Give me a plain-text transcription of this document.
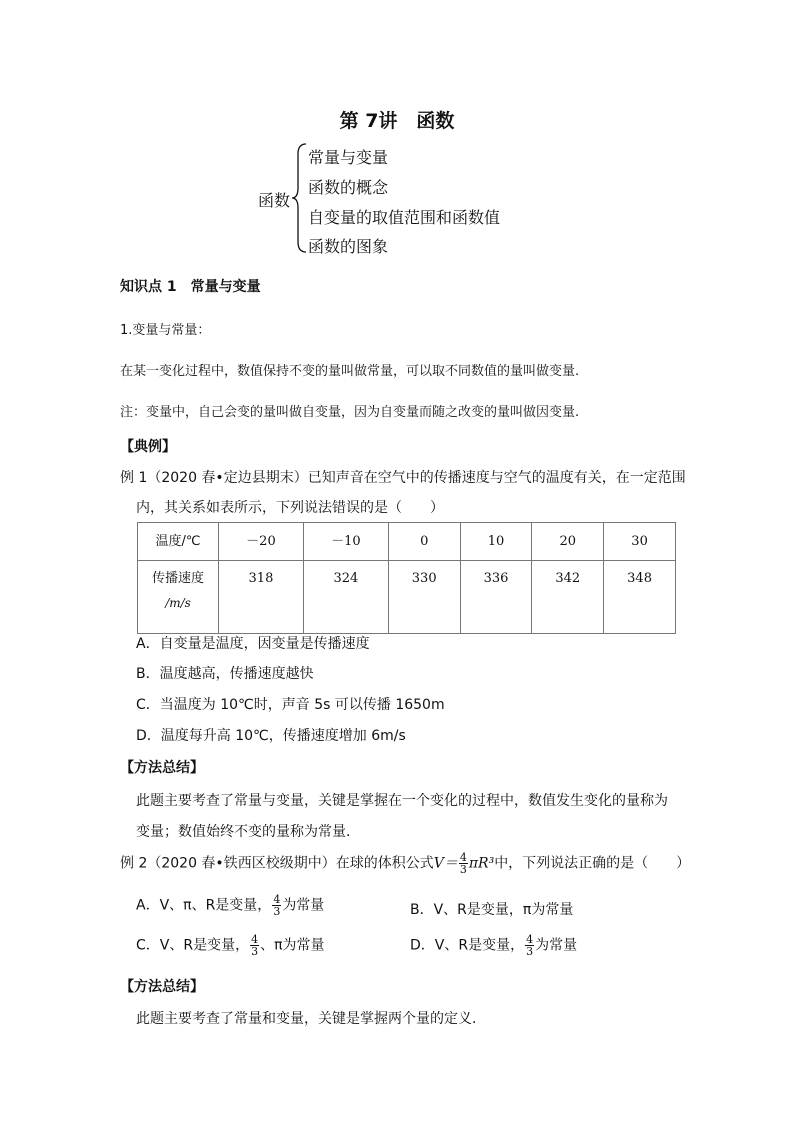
第 7讲　函数
函数
常量与变量
函数的概念
自变量的取值范围和函数值
函数的图象
知识点 1　常量与变量
1.变量与常量：
在某一变化过程中，数值保持不变的量叫做常量，可以取不同数值的量叫做变量.
注：变量中，自己会变的量叫做自变量，因为自变量而随之改变的量叫做因变量.
【典例】
例 1（2020 春•定边县期末）已知声音在空气中的传播速度与空气的温度有关，在一定范围
内，其关系如表所示，下列说法错误的是（　　）
温度/℃	－20	－10	0	10	20	30

传播速度
/m/s	318	324	330	336	342	348
A．自变量是温度，因变量是传播速度
B．温度越高，传播速度越快
C．当温度为 10℃时，声音 5s 可以传播 1650m
D．温度每升高 10℃，传播速度增加 6m/s
【方法总结】
此题主要考查了常量与变量，关键是掌握在一个变化的过程中，数值发生变化的量称为
变量；数值始终不变的量称为常量．
例 2（2020 春•铁西区校级期中）在球的体积公式$V= \frac{4}{3} \pi R^3$中，下列说法正确的是（　　）
A．V、π、R是变量， $\frac{4}{3}$ 为常量	B．V、R是变量，π为常量
C．V、R是变量， $\frac{4}{3}$ 、π为常量	D．V、R是变量， $\frac{4}{3}$ 为常量
【方法总结】
此题主要考查了常量和变量，关键是掌握两个量的定义．
